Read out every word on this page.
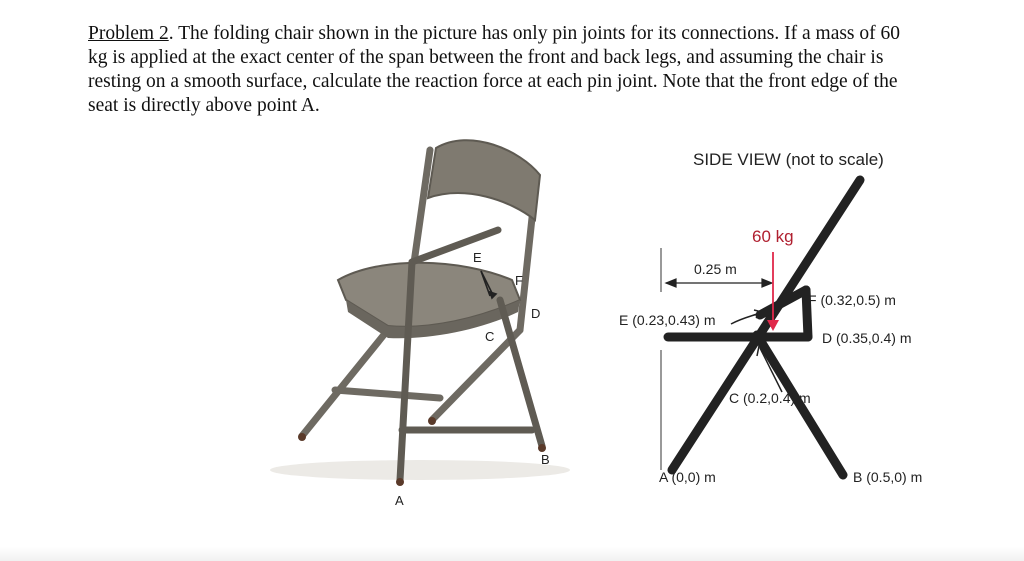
Problem 2. The folding chair shown in the picture has only pin joints for its connections. If a mass of 60 kg is applied at the exact center of the span between the front and back legs, and assuming the chair is resting on a smooth surface, calculate the reaction force at each pin joint. Note that the front edge of the seat is directly above point A.
E
F
D
C
B
A
SIDE VIEW (not to scale)
0.25 m
60 kg
E (0.23,0.43) m
F (0.32,0.5) m
D (0.35,0.4) m
C (0.2,0.4) m
A (0,0) m	B (0.5,0) m
